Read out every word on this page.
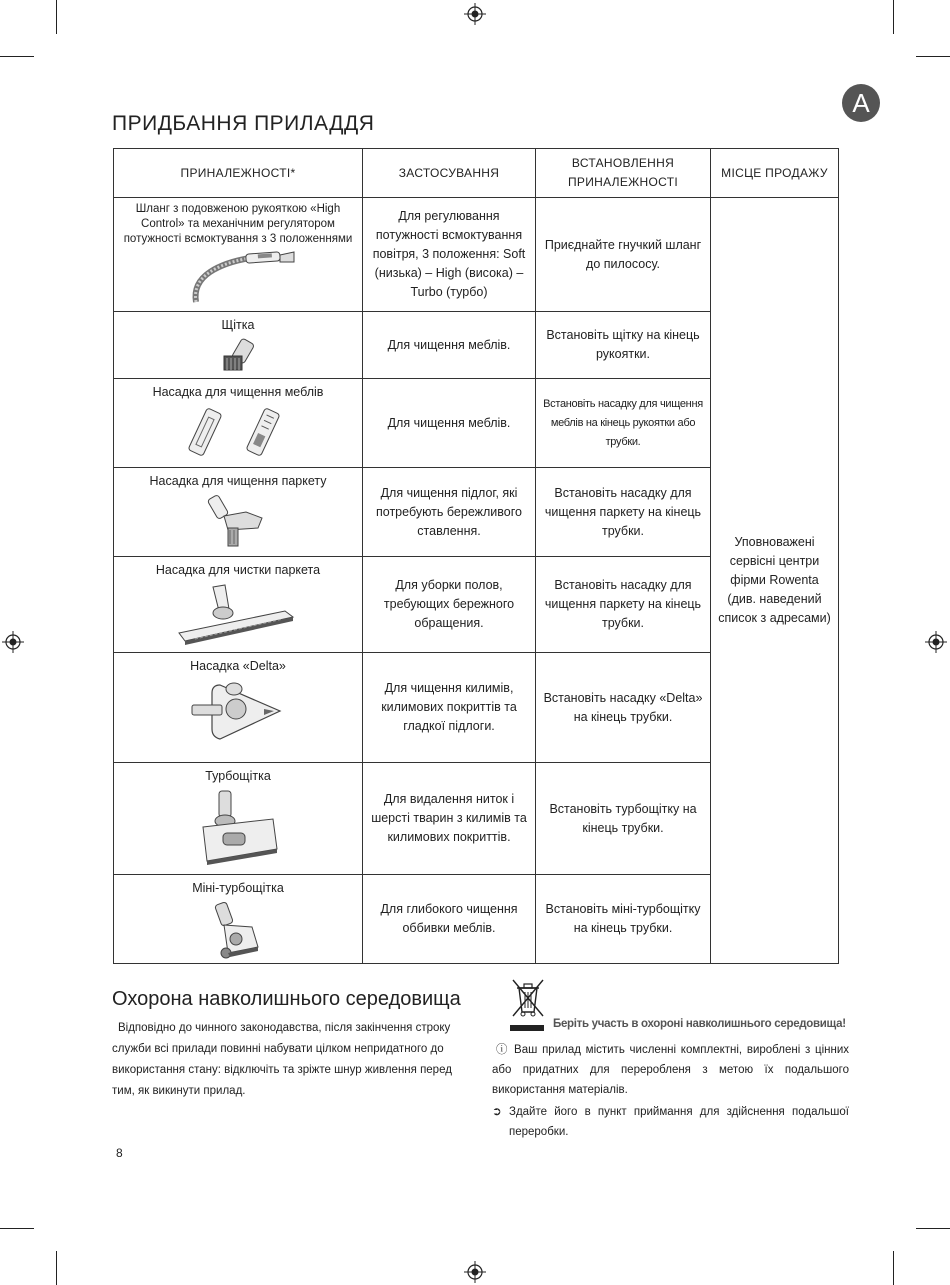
A
ПРИДБАННЯ ПРИЛАДДЯ
ПРИНАЛЕЖНОСТІ*	ЗАСТОСУВАННЯ	ВСТАНОВЛЕННЯ ПРИНАЛЕЖНОСТІ	МІСЦЕ ПРОДАЖУ

Шланг з подовженою рукояткою «High Control» та механічним регулятором потужності всмоктування з 3 положеннями	Для регулювання потужності всмоктування повітря, 3 положення: Soft (низька) – High (висока) – Turbo (турбо)	Приєднайте гнучкий шланг до пилососу.	Уповноважені сервісні центри фірми Rowenta (див. наведений список з адресами)

Щітка	Для чищення меблів.	Встановіть щітку на кінець рукоятки.	

Насадка для чищення меблів	Для чищення меблів.	Встановіть насадку для чищення меблів на кінець рукоятки або трубки.	

Насадка для чищення паркету	Для чищення підлог, які потребують бережливого ставлення.	Встановіть насадку для чищення паркету на кінець трубки.	

Насадка для чистки паркета	Для уборки полов, требующих бережного обращения.	Встановіть насадку для чищення паркету на кінець трубки.	

Насадка «Delta»	Для чищення килимів, килимових покриттів та гладкої підлоги.	Встановіть насадку «Delta» на кінець трубки.	

Турбощітка	Для видалення ниток і шерсті тварин з килимів та килимових покриттів.	Встановіть турбощітку на кінець трубки.	

Міні-турбощітка	Для глибокого чищення оббивки меблів.	Встановіть міні-турбощітку на кінець трубки.	
Охорона навколишнього середовища
Відповідно до чинного законодавства, після закінчення строку служби всі прилади повинні набувати цілком непридатного до використання стану: відключіть та зріжте шнур живлення перед тим, як викинути прилад.
Беріть участь в охороні навколишнього середовища!

ⓘ Ваш прилад містить численні комплектні, вироблені з цінних або придатних для переробленя з метою їх подальшого використання матеріалів.

➲ Здайте його в пункт приймання для здійснення подальшої переробки.

8
